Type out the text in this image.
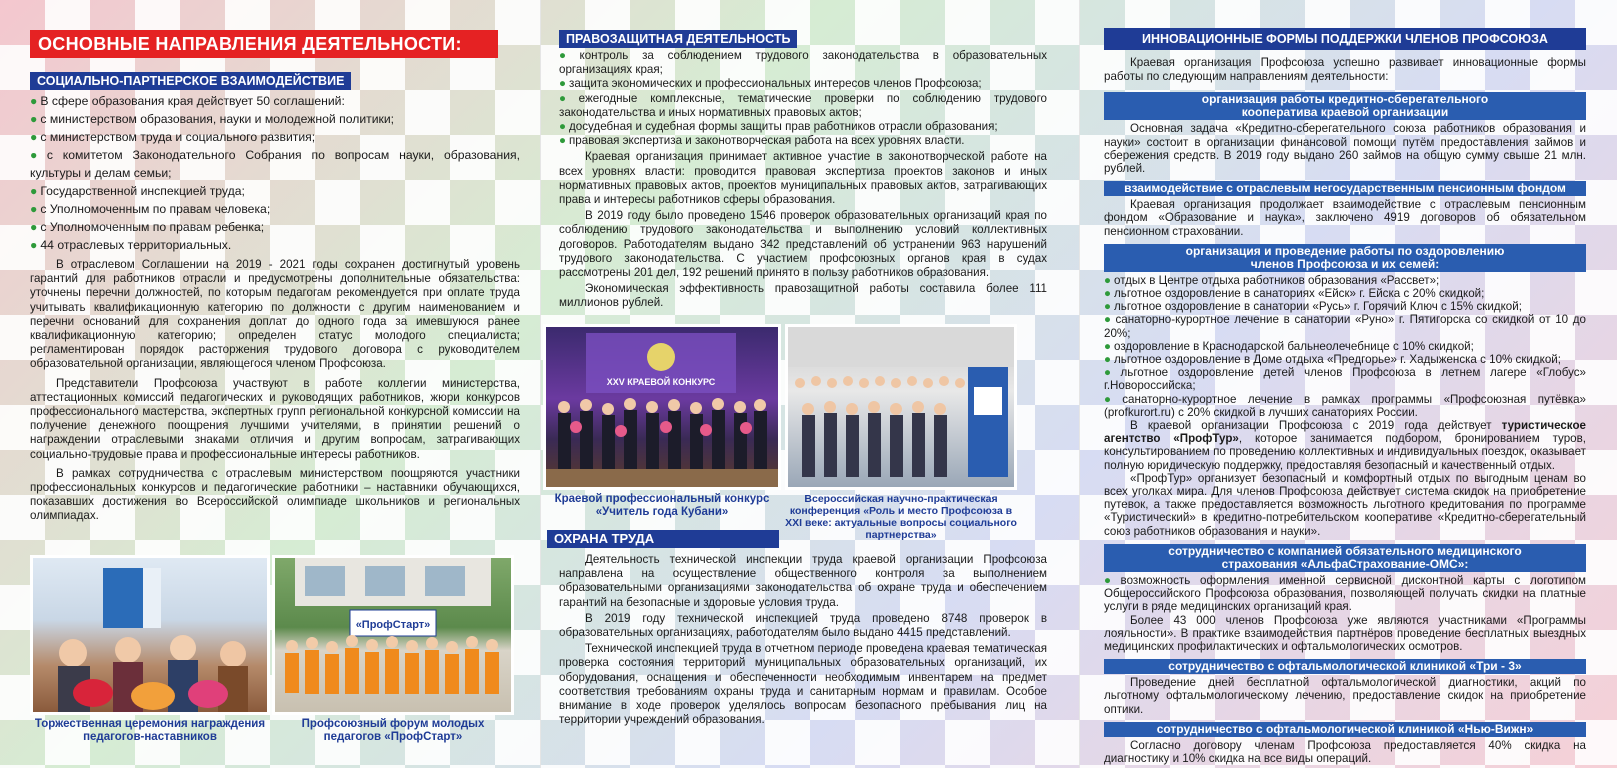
ОСНОВНЫЕ НАПРАВЛЕНИЯ ДЕЯТЕЛЬНОСТИ:
СОЦИАЛЬНО-ПАРТНЕРСКОЕ ВЗАИМОДЕЙСТВИЕ
● В сфере образования края действует 50 соглашений:
● с министерством образования, науки и молодежной политики;
● с министерством труда и социального развития;
● с комитетом Законодательного Собрания по вопросам науки, образования, культуры и делам семьи;
● Государственной инспекцией труда;
● с Уполномоченным по правам человека;
● с Уполномоченным по правам ребенка;
● 44 отраслевых территориальных.

В отраслевом Соглашении на 2019 - 2021 годы сохранен достигнутый уровень гарантий для работников отрасли и предусмотрены дополнительные обязательства: уточнены перечни должностей, по которым педагогам рекомендуется при оплате труда учитывать квалификационную категорию по должности с другим наименованием и перечни оснований для сохранения доплат до одного года за имевшуюся ранее квалификационную категорию; определен статус молодого специалиста; регламентирован порядок расторжения трудового договора с руководителем образовательной организации, являющегося членом Профсоюза.

Представители Профсоюза участвуют в работе коллегии министерства, аттестационных комиссий педагогических и руководящих работников, жюри конкурсов профессионального мастерства, экспертных групп региональной конкурсной комиссии на получение денежного поощрения лучшими учителями, в принятии решений о награждении отраслевыми знаками отличия и другим вопросам, затрагивающих социально-трудовые права и профессиональные интересы работников.

В рамках сотрудничества с отраслевым министерством поощряются участники профессиональных конкурсов и педагогические работники – наставники обучающихся, показавших достижения во Всероссийской олимпиаде школьников и региональных олимпиадах.

Торжественная церемония награждения педагогов-наставников
«ПрофСтарт»
Профсоюзный форум молодых педагогов «ПрофСтарт»
ПРАВОЗАЩИТНАЯ ДЕЯТЕЛЬНОСТЬ
● контроль за соблюдением трудового законодательства в образовательных организациях края;
● защита экономических и профессиональных интересов членов Профсоюза;
● ежегодные комплексные, тематические проверки по соблюдению трудового законодательства и иных нормативных правовых актов;
● досудебная и судебная формы защиты прав работников отрасли образования;
● правовая экспертиза и законотворческая работа на всех уровнях власти.

Краевая организация принимает активное участие в законотворческой работе на всех уровнях власти: проводится правовая экспертиза проектов законов и иных нормативных правовых актов, проектов муниципальных правовых актов, затрагивающих права и интересы работников сферы образования.

В 2019 году было проведено 1546 проверок образовательных организаций края по соблюдению трудового законодательства и выполнению условий коллективных договоров. Работодателям выдано 342 представлений об устранении 963 нарушений трудового законодательства. С участием профсоюзных органов края в судах рассмотрены 201 дел, 192 решений принято в пользу работников образования.

Экономическая эффективность правозащитной работы составила более 111 миллионов рублей.

XXV КРАЕВОЙ КОНКУРС
Краевой профессиональный конкурс «Учитель года Кубани»
Всероссийская научно-практическая конференция «Роль и место Профсоюза в XXI веке: актуальные вопросы социального партнерства»
ОХРАНА ТРУДА

Деятельность технической инспекции труда краевой организации Профсоюза направлена на осуществление общественного контроля за выполнением образовательными организациями законодательства об охране труда и обеспечением гарантий на безопасные и здоровые условия труда.

В 2019 году технической инспекцией труда проведено 8748 проверок в образовательных организациях, работодателям было выдано 4415 представлений.

Технической инспекцией труда в отчетном периоде проведена краевая тематическая проверка состояния территорий муниципальных образовательных организаций, их оборудования, оснащения и обеспеченности необходимым инвентарем на предмет соответствия требованиям охраны труда и санитарным нормам и правилам. Особое внимание в ходе проверок уделялось вопросам безопасного пребывания лиц на территории учреждений образования.

ИННОВАЦИОННЫЕ ФОРМЫ ПОДДЕРЖКИ ЧЛЕНОВ ПРОФСОЮЗА

Краевая организация Профсоюза успешно развивает инновационные формы работы по следующим направлениям деятельности:

организация работы кредитно-сберегательного
кооператива краевой организации

Основная задача «Кредитно-сберегательного союза работников образования и науки» состоит в организации финансовой помощи путём предоставления займов и сбережения средств. В 2019 году выдано 260 займов на общую сумму свыше 21 млн. рублей.

взаимодействие с отраслевым негосударственным пенсионным фондом

Краевая организация продолжает взаимодействие с отраслевым пенсионным фондом «Образование и наука», заключено 4919 договоров об обязательном пенсионном страховании.

организация и проведение работы по оздоровлению
членов Профсоюза и их семей:
● отдых в Центре отдыха работников образования «Рассвет»;
● льготное оздоровление в санаториях «Ейск» г. Ейска с 20% скидкой;
● льготное оздоровление в санатории «Русь» г. Горячий Ключ с 15% скидкой;
● санаторно-курортное лечение в санатории «Руно» г. Пятигорска со скидкой от 10 до 20%;
● оздоровление в Краснодарской бальнеолечебнице с 10% скидкой;
● льготное оздоровление в Доме отдыха «Предгорье» г. Хадыженска с 10% скидкой;
● льготное оздоровление детей членов Профсоюза в летнем лагере «Глобус» г.Новороссийска;
● санаторно-курортное лечение в рамках программы «Профсоюзная путёвка» (profkurort.ru) с 20% скидкой в лучших санаториях России.

В краевой организации Профсоюза с 2019 года действует туристическое агентство «ПрофТур», которое занимается подбором, бронированием туров, консультированием по проведению коллективных и индивидуальных поездок, оказывает полную юридическую поддержку, предоставляя безопасный и качественный отдых.

«ПрофТур» организует безопасный и комфортный отдых по выгодным ценам во всех уголках мира. Для членов Профсоюза действует система скидок на приобретение путевок, а также предоставляется возможность льготного кредитования по программе «Туристический» в кредитно-потребительском кооперативе «Кредитно-сберегательный союз работников образования и науки».

сотрудничество с компанией обязательного медицинского
страхования «АльфаСтрахование-ОМС»:
● возможность оформления именной сервисной дисконтной карты с логотипом Общероссийского Профсоюза образования, позволяющей получать скидки на платные услуги в ряде медицинских организаций края.

Более 43 000 членов Профсоюза уже являются участниками «Программы лояльности». В практике взаимодействия партнёров проведение бесплатных выездных медицинских профилактических и офтальмологических осмотров.

сотрудничество с офтальмологической клиникой «Три - 3»

Проведение дней бесплатной офтальмологической диагностики, акций по льготному офтальмологическому лечению, предоставление скидок на приобретение оптики.

сотрудничество с офтальмологической клиникой «Нью-Вижн»

Согласно договору членам Профсоюза предоставляется 40% скидка на диагностику и 10% скидка на все виды операций.
